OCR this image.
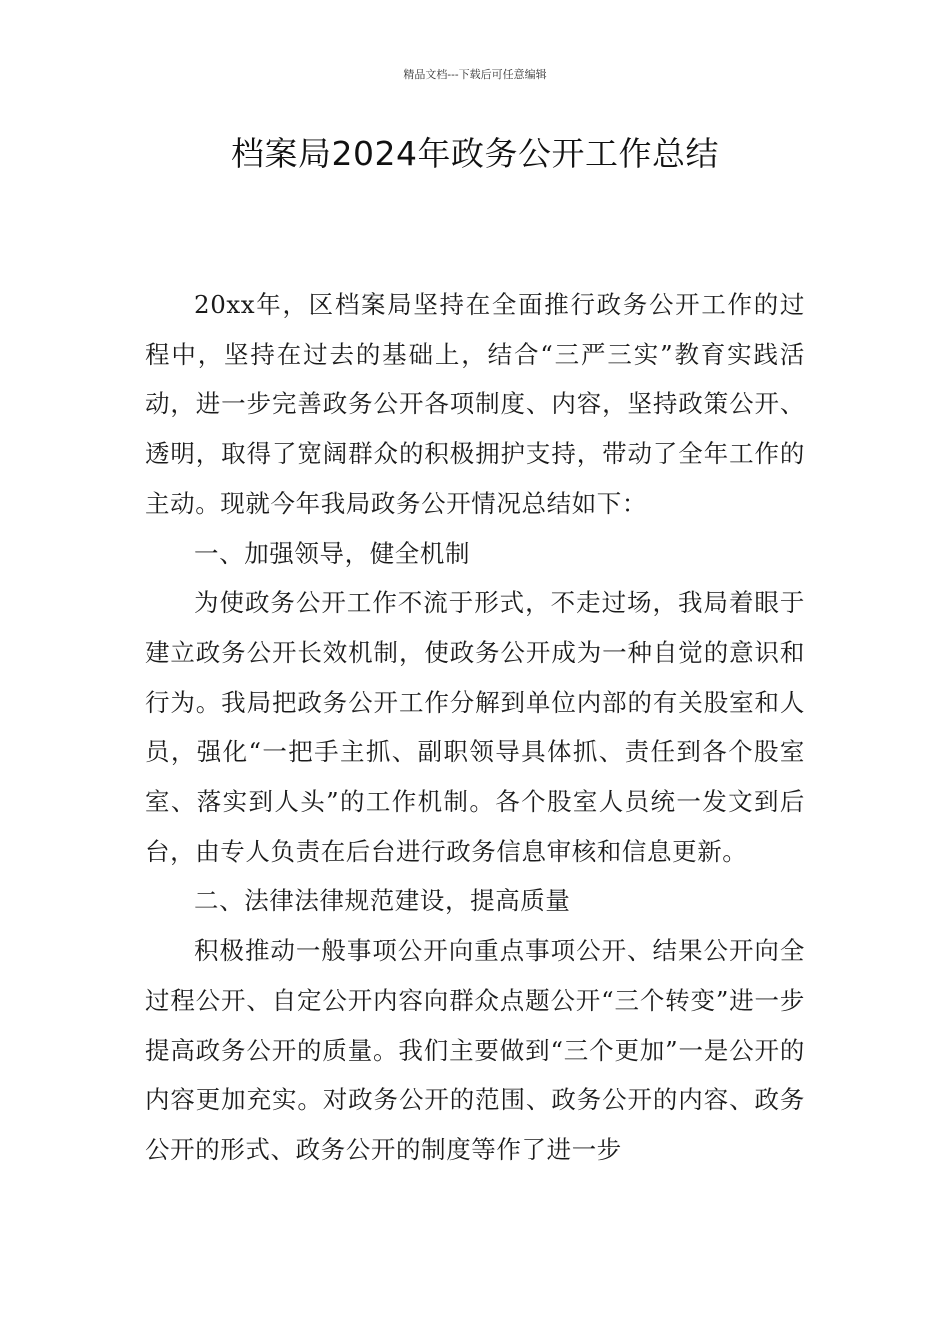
精品文档---下载后可任意编辑
档案局2024年政务公开工作总结

20xx年，区档案局坚持在全面推行政务公开工作的过程中，坚持在过去的基础上，结合“三严三实”教育实践活动，进一步完善政务公开各项制度、内容，坚持政策公开、透明，取得了宽阔群众的积极拥护支持，带动了全年工作的主动。现就今年我局政务公开情况总结如下：

一、加强领导，健全机制

为使政务公开工作不流于形式，不走过场，我局着眼于建立政务公开长效机制，使政务公开成为一种自觉的意识和行为。我局把政务公开工作分解到单位内部的有关股室和人员，强化“一把手主抓、副职领导具体抓、责任到各个股室室、落实到人头”的工作机制。各个股室人员统一发文到后台，由专人负责在后台进行政务信息审核和信息更新。

二、法律法律规范建设，提高质量

积极推动一般事项公开向重点事项公开、结果公开向全过程公开、自定公开内容向群众点题公开“三个转变”进一步提高政务公开的质量。我们主要做到“三个更加”一是公开的内容更加充实。对政务公开的范围、政务公开的内容、政务公开的形式、政务公开的制度等作了进一步
